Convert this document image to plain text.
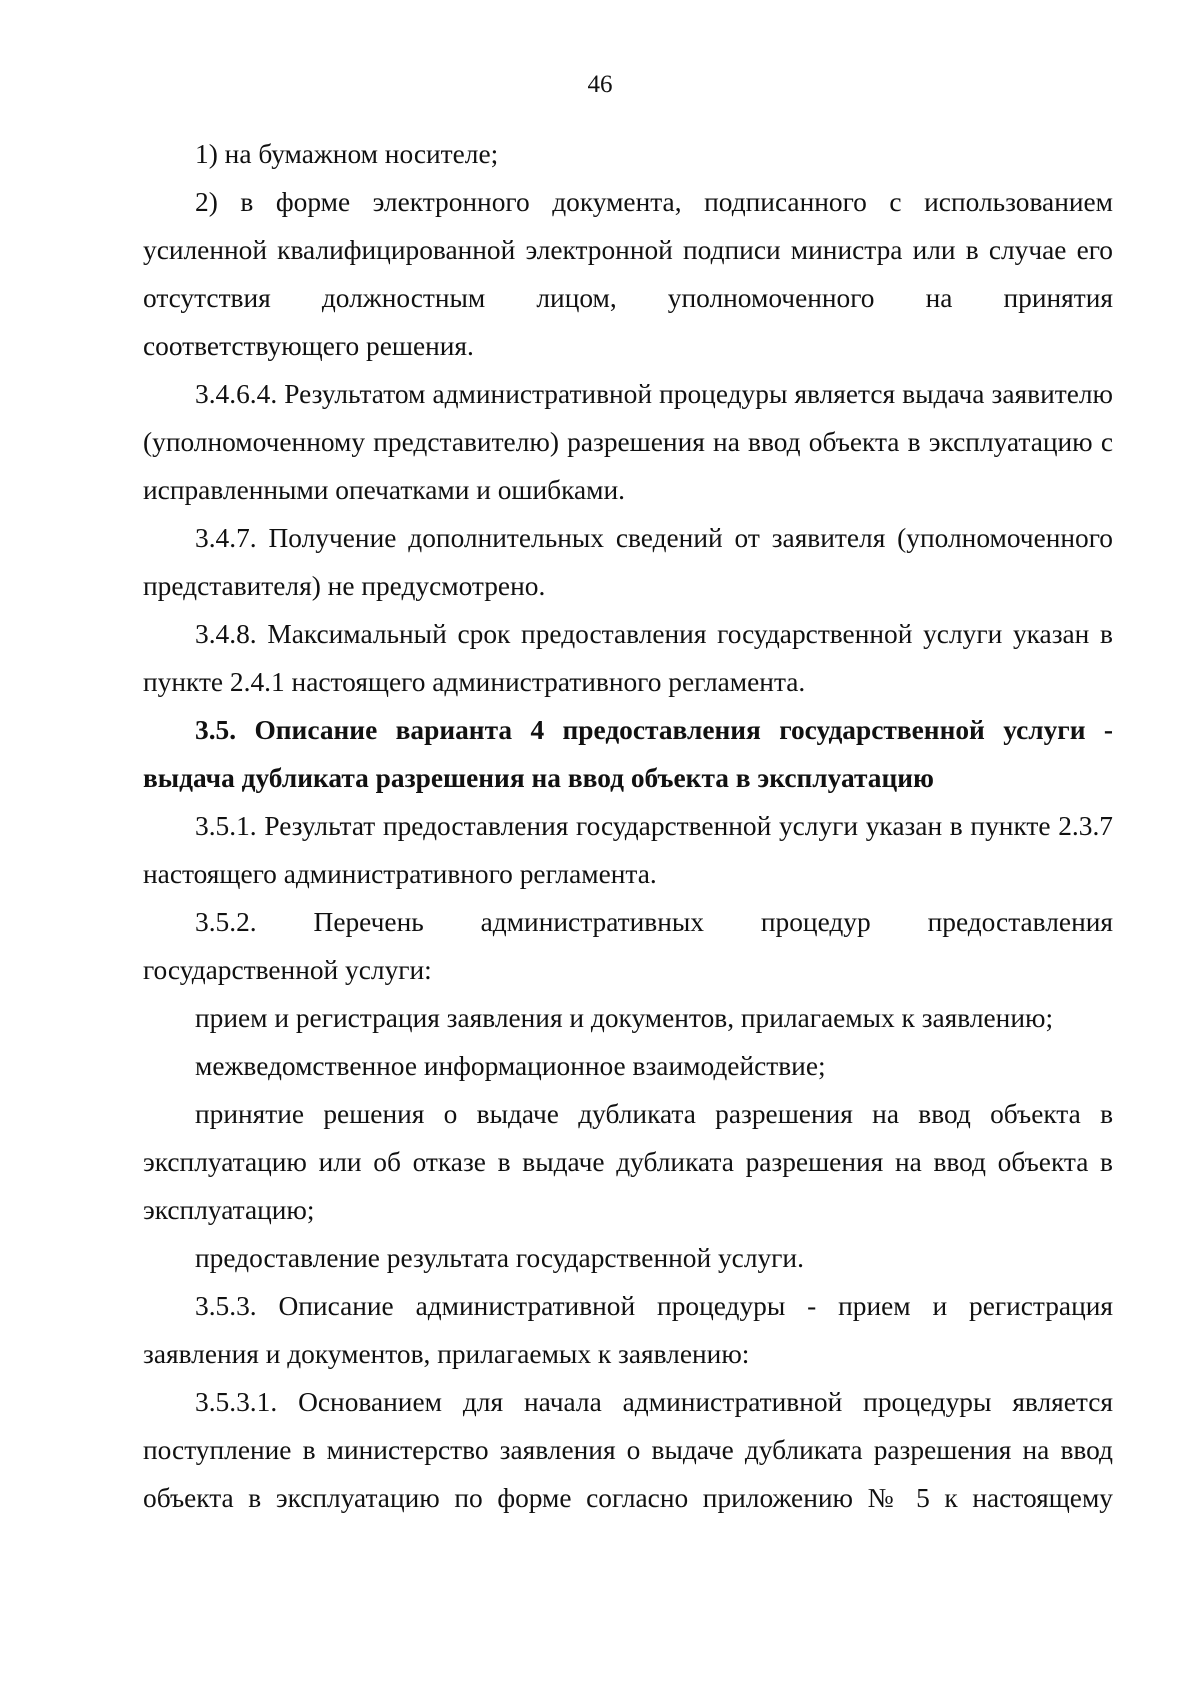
46

1) на бумажном носителе;

2) в форме электронного документа, подписанного с использованием усиленной квалифицированной электронной подписи министра или в случае его отсутствия должностным лицом, уполномоченного на принятия соответствующего решения.

3.4.6.4. Результатом административной процедуры является выдача заявителю (уполномоченному представителю) разрешения на ввод объекта в эксплуатацию с исправленными опечатками и ошибками.

3.4.7. Получение дополнительных сведений от заявителя (уполномоченного представителя) не предусмотрено.

3.4.8. Максимальный срок предоставления государственной услуги указан в пункте 2.4.1 настоящего административного регламента.

3.5. Описание варианта 4 предоставления государственной услуги - выдача дубликата разрешения на ввод объекта в эксплуатацию

3.5.1. Результат предоставления государственной услуги указан в пункте 2.3.7 настоящего административного регламента.

3.5.2. Перечень административных процедур предоставления государственной услуги:

прием и регистрация заявления и документов, прилагаемых к заявлению;

межведомственное информационное взаимодействие;

принятие решения о выдаче дубликата разрешения на ввод объекта в эксплуатацию или об отказе в выдаче дубликата разрешения на ввод объекта в эксплуатацию;

предоставление результата государственной услуги.

3.5.3. Описание административной процедуры - прием и регистрация заявления и документов, прилагаемых к заявлению:

3.5.3.1. Основанием для начала административной процедуры является поступление в министерство заявления о выдаче дубликата разрешения на ввод объекта в эксплуатацию по форме согласно приложению № 5 к настоящему
